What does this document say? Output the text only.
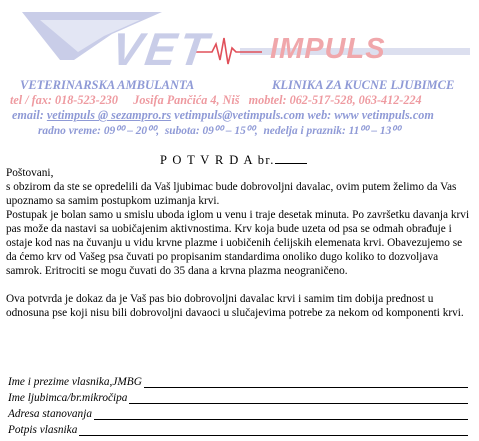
VET IMPULS
VETERINARSKA AMBULANTA	KLINIKA ZA KUCNE LJUBIMCE
tel / fax: 018-523-230 Josifa Pančića 4, Niš mobtel: 062-517-528, 063-412-224
email: vetimpuls @ sezampro.rs vetimpuls@vetimpuls.com web: www vetimpuls.com
radno vreme: 09⁰⁰ – 20⁰⁰,  subota: 09⁰⁰ – 15⁰⁰,  nedelja i praznik: 11⁰⁰ – 13⁰⁰
P O T V R D A br.

Poštovani,

s obzirom da ste se opredelili da Vaš ljubimac bude dobrovoljni davalac, ovim putem želimo da Vas upoznamo sa samim postupkom uzimanja krvi.

Postupak je bolan samo u smislu uboda iglom u venu i traje desetak minuta. Po završetku davanja krvi pas može da nastavi sa uobičajenim aktivnostima. Krv koja bude uzeta od psa se odmah obrađuje i ostaje kod nas na čuvanju u vidu krvne plazme i uobičenih ćelijskih elemenata krvi. Obavezujemo se da ćemo krv od Vašeg psa čuvati po propisanim standardima onoliko dugo koliko to dozvoljava samrok. Eritrociti se mogu čuvati do 35 dana a krvna plazma neograničeno.

Ova potvrda je dokaz da je Vaš pas bio dobrovoljni davalac krvi i samim tim dobija prednost u odnosuna pse koji nisu bili dobrovoljni davaoci u slučajevima potrebe za nekom od komponenti krvi.

Ime i prezime vlasnika,JMBG
Ime ljubimca/br.mikročipa
Adresa stanovanja
Potpis vlasnika
